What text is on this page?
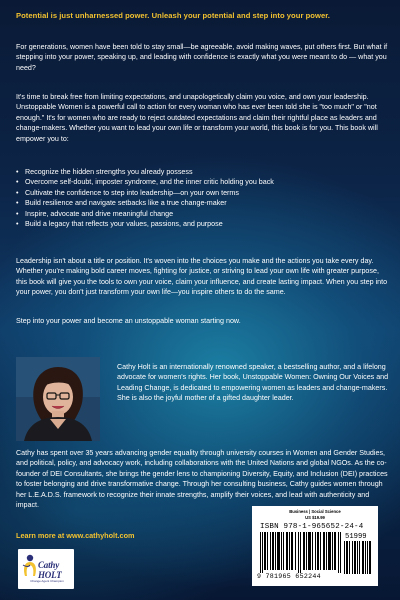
Potential is just unharnessed power. Unleash your potential and step into your power.
For generations, women have been told to stay small—be agreeable, avoid making waves, put others first. But what if stepping into your power, speaking up, and leading with confidence is exactly what you were meant to do — what you need?
It's time to break free from limiting expectations, and unapologetically claim you voice, and own your leadership. Unstoppable Women is a powerful call to action for every woman who has ever been told she is "too much" or "not enough." It's for women who are ready to reject outdated expectations and claim their rightful place as leaders and change-makers. Whether you want to lead your own life or transform your world, this book is for you. This book will empower you to:
• Recognize the hidden strengths you already possess
• Overcome self-doubt, imposter syndrome, and the inner critic holding you back
• Cultivate the confidence to step into leadership—on your own terms
• Build resilience and navigate setbacks like a true change-maker
• Inspire, advocate and drive meaningful change
• Build a legacy that reflects your values, passions, and purpose
Leadership isn't about a title or position. It's woven into the choices you make and the actions you take every day. Whether you're making bold career moves, fighting for justice, or striving to lead your own life with greater purpose, this book will give you the tools to own your voice, claim your influence, and create lasting impact. When you step into your power, you don't just transform your own life—you inspire others to do the same.
Step into your power and become an unstoppable woman starting now.
Cathy Holt is an internationally renowned speaker, a bestselling author, and a lifelong advocate for women's rights. Her book, Unstoppable Women: Owning Our Voices and Leading Change, is dedicated to empowering women as leaders and change-makers. She is also the joyful mother of a gifted daughter leader.
Cathy has spent over 35 years advancing gender equality through university courses in Women and Gender Studies, and political, policy, and advocacy work, including collaborations with the United Nations and global NGOs. As the co-founder of DEI Consultants, she brings the gender lens to championing Diversity, Equity, and Inclusion (DEI) practices to foster belonging and drive transformative change. Through her consulting business, Cathy guides women through her L.E.A.D.S. framework to recognize their innate strengths, amplify their voices, and lead with authenticity and impact.
Learn more at www.cathyholt.com
Cathy HOLT
Change Agent Champion
Business | Social Science
US $19.99
ISBN 978-1-965652-24-4
51999
9 781965 652244
